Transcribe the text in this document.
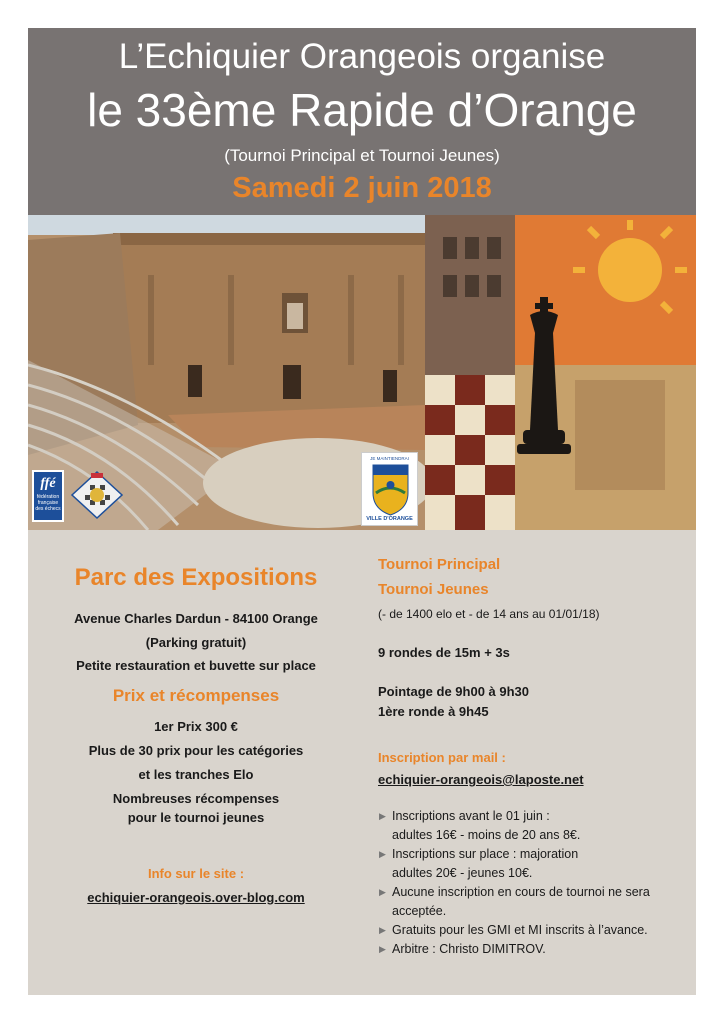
L’Echiquier Orangeois organise
le 33ème Rapide d’Orange
(Tournoi Principal et Tournoi Jeunes)
Samedi 2 juin 2018
ffé
fédération française des échecs
JE MAINTIENDRAI
VILLE D'ORANGE
Parc des Expositions
Avenue Charles Dardun - 84100 Orange
(Parking gratuit)
Petite restauration et buvette sur place
Prix et récompenses
1er Prix 300 €
Plus de 30 prix pour les catégories
et les tranches Elo
Nombreuses récompenses
pour le tournoi jeunes
Info sur le site :
echiquier-orangeois.over-blog.com
Tournoi Principal
Tournoi Jeunes
(- de 1400 elo et - de 14 ans au 01/01/18)
9 rondes de 15m + 3s
Pointage de 9h00 à 9h30
1ère ronde à 9h45
Inscription par mail :
echiquier-orangeois@laposte.net
▶ Inscriptions avant le 01 juin :
adultes 16€ - moins de 20 ans 8€.
▶ Inscriptions sur place : majoration
adultes 20€ - jeunes 10€.
▶ Aucune inscription en cours de tournoi ne sera
acceptée.
▶ Gratuits pour les GMI et MI inscrits à l’avance.
▶ Arbitre : Christo DIMITROV.
